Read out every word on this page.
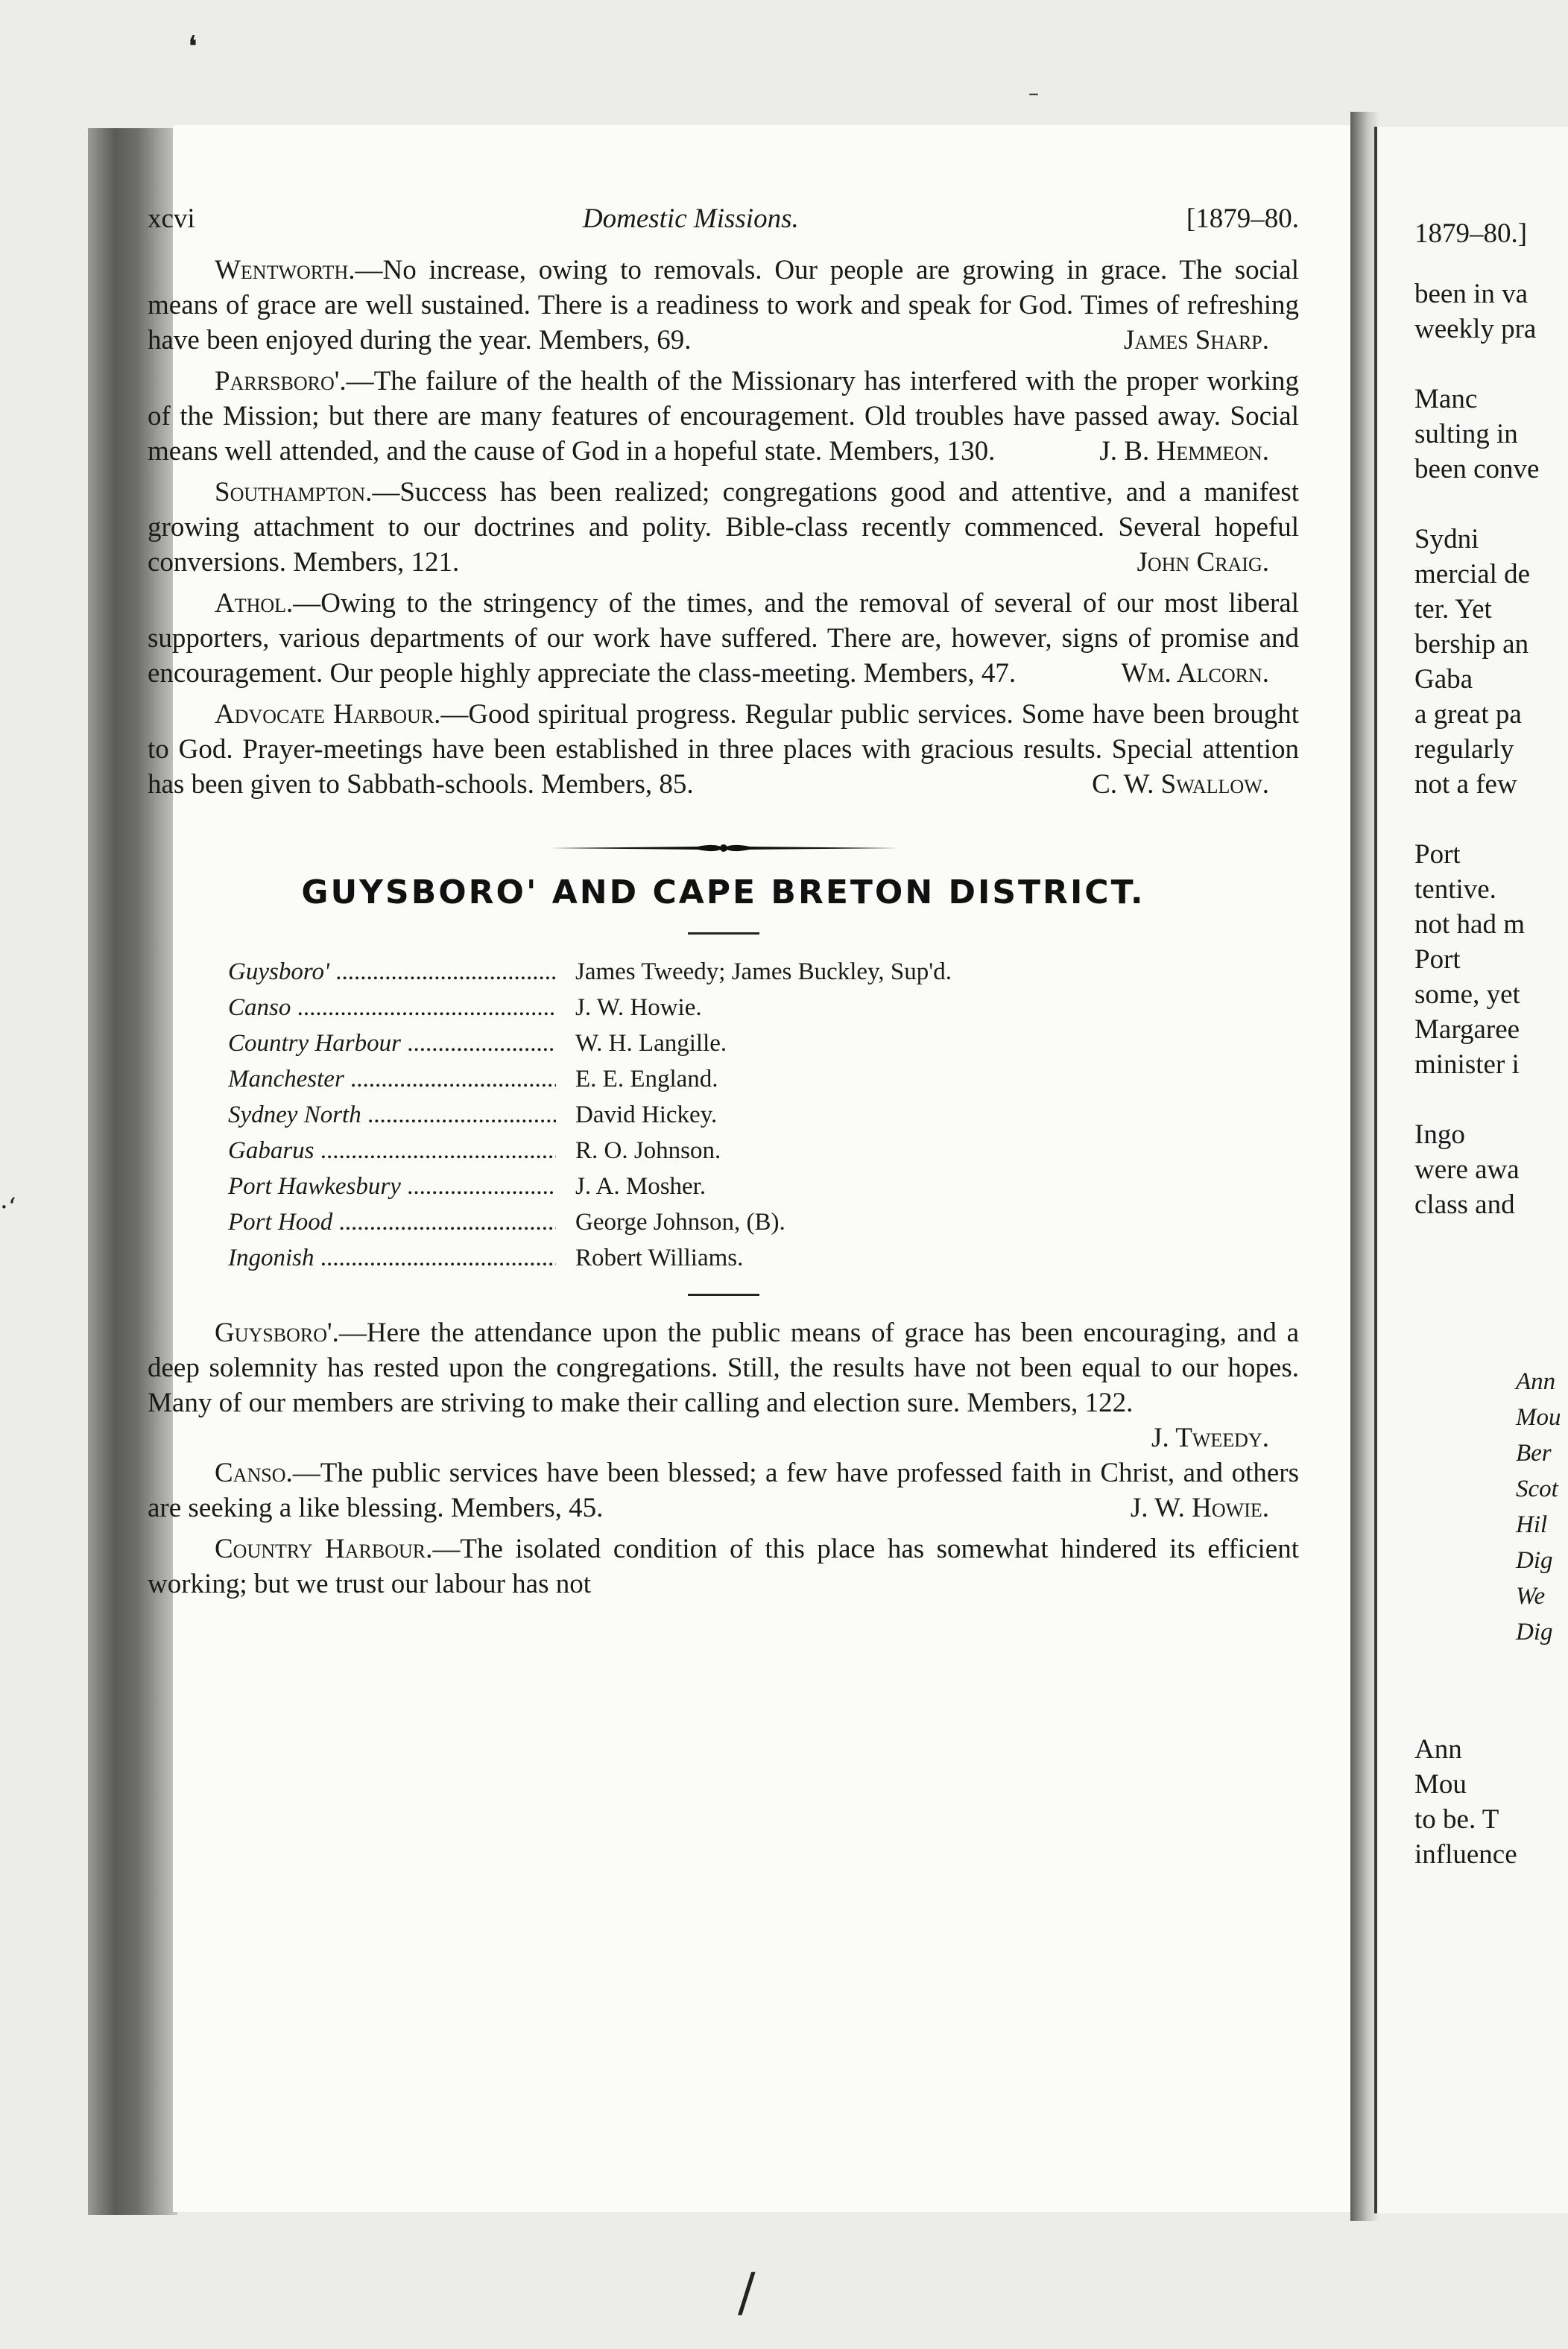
❛
–
·‘
/
xcvi	Domestic Missions.	[1879–80.

Wentworth.—No increase, owing to removals. Our people are growing in grace. The social means of grace are well sustained. There is a readiness to work and speak for God. Times of refreshing have been enjoyed during the year. Members, 69.	James Sharp.

Parrsboro'.—The failure of the health of the Missionary has interfered with the proper working of the Mission; but there are many features of encouragement. Old troubles have passed away. Social means well attended, and the cause of God in a hopeful state. Members, 130.	J. B. Hemmeon.

Southampton.—Success has been realized; congregations good and attentive, and a manifest growing attachment to our doctrines and polity. Bible-class recently commenced. Several hopeful conversions. Members, 121.	John Craig.

Athol.—Owing to the stringency of the times, and the removal of several of our most liberal supporters, various departments of our work have suffered. There are, however, signs of promise and encouragement. Our people highly appreciate the class-meeting. Members, 47.	Wm. Alcorn.

Advocate Harbour.—Good spiritual progress. Regular public services. Some have been brought to God. Prayer-meetings have been established in three places with gracious results. Special attention has been given to Sabbath-schools. Members, 85.	C. W. Swallow.

GUYSBORO' AND CAPE BRETON DISTRICT.
Guysboro' .....	James Tweedy; James Buckley, Sup'd.
Canso .....	J. W. Howie.
Country Harbour .....	W. H. Langille.
Manchester .....	E. E. England.
Sydney North .....	David Hickey.
Gabarus .....	R. O. Johnson.
Port Hawkesbury .....	J. A. Mosher.
Port Hood .....	George Johnson, (B).
Ingonish .....	Robert Williams.

Guysboro'.—Here the attendance upon the public means of grace has been encouraging, and a deep solemnity has rested upon the congregations. Still, the results have not been equal to our hopes. Many of our members are striving to make their calling and election sure. Members, 122.
J. Tweedy.

Canso.—The public services have been blessed; a few have professed faith in Christ, and others are seeking a like blessing. Members, 45.	J. W. Howie.

Country Harbour.—The isolated condition of this place has somewhat hindered its efficient working; but we trust our labour has not

1879–80.]
been in va
weekly pra

Manc
sulting in
been conve

Sydni
mercial de
ter. Yet
bership an
Gaba
a great pa
regularly
not a few

Port
tentive.
not had m
Port
some, yet
Margaree
minister i

Ingo
were awa
class and
Ann
Mou
Ber
Scot
Hil
Dig
We
Dig
Ann
Mou
to be. T
influence
